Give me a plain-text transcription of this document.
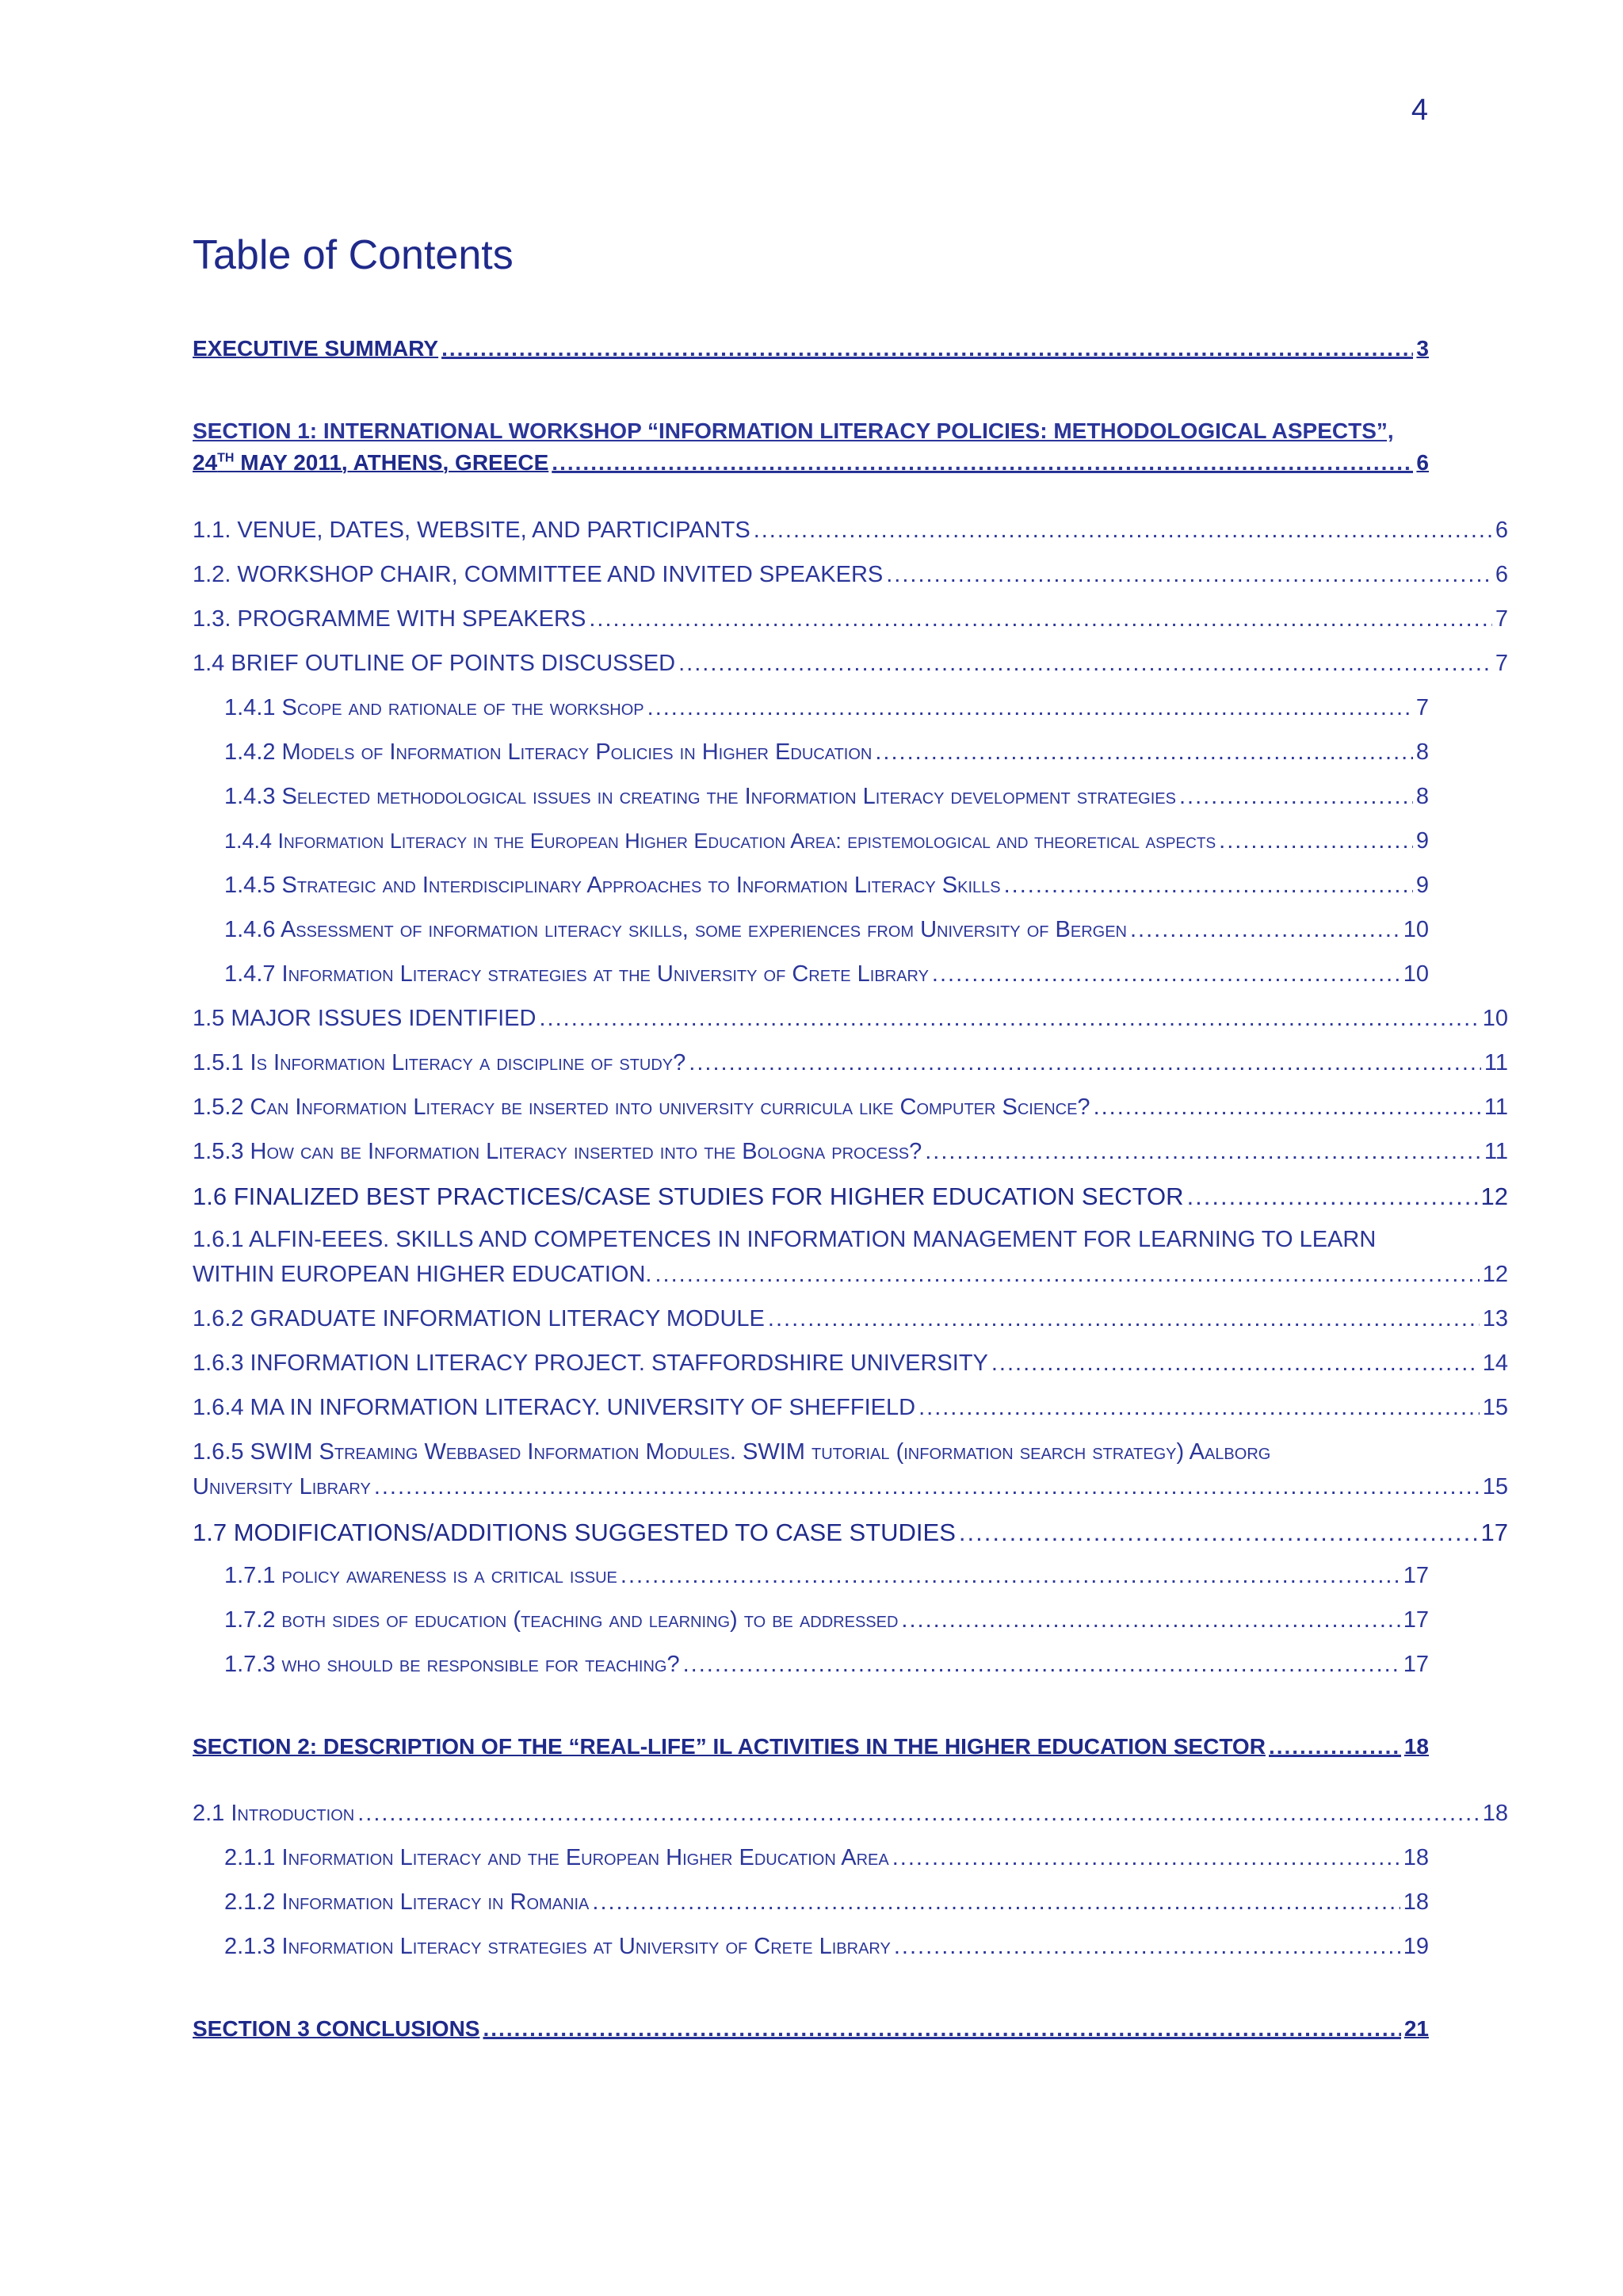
4
Table of Contents
EXECUTIVE SUMMARY .....	3
SECTION 1: INTERNATIONAL WORKSHOP “INFORMATION LITERACY POLICIES: METHODOLOGICAL ASPECTS”,
24TH MAY 2011, ATHENS, GREECE .....	6
1.1. VENUE, DATES, WEBSITE, AND PARTICIPANTS .....	6
1.2. WORKSHOP CHAIR, COMMITTEE AND INVITED SPEAKERS .....	6
1.3. PROGRAMME WITH SPEAKERS .....	7
1.4 BRIEF OUTLINE OF POINTS DISCUSSED .....	7
1.4.1 Scope and rationale of the workshop .....	7
1.4.2 Models of Information Literacy Policies in Higher Education .....	8
1.4.3 Selected methodological issues in creating the Information Literacy development strategies .....	8
1.4.4 Information Literacy in the European Higher Education Area: epistemological and theoretical aspects .....	9
1.4.5 Strategic and Interdisciplinary Approaches to Information Literacy Skills .....	9
1.4.6 Assessment of information literacy skills, some experiences from University of Bergen .....	10
1.4.7 Information Literacy strategies at the University of Crete Library .....	10
1.5 MAJOR ISSUES IDENTIFIED .....	10
1.5.1 Is Information Literacy a discipline of study? .....	11
1.5.2 Can Information Literacy be inserted into university curricula like Computer Science? .....	11
1.5.3 How can be Information Literacy inserted into the Bologna process? .....	11
1.6 FINALIZED BEST PRACTICES/CASE STUDIES FOR HIGHER EDUCATION SECTOR .....	12
1.6.1 ALFIN-EEES. SKILLS AND COMPETENCES IN INFORMATION MANAGEMENT FOR LEARNING TO LEARN
WITHIN EUROPEAN HIGHER EDUCATION. .....	12
1.6.2 GRADUATE INFORMATION LITERACY MODULE .....	13
1.6.3 INFORMATION LITERACY PROJECT. STAFFORDSHIRE UNIVERSITY .....	14
1.6.4 MA IN INFORMATION LITERACY. UNIVERSITY OF SHEFFIELD .....	15
1.6.5 SWIM Streaming Webbased Information Modules. SWIM tutorial (information search strategy) Aalborg
University Library .....	15
1.7 MODIFICATIONS/ADDITIONS SUGGESTED TO CASE STUDIES .....	17
1.7.1 policy awareness is a critical issue .....	17
1.7.2 both sides of education (teaching and learning) to be addressed .....	17
1.7.3 who should be responsible for teaching? .....	17
SECTION 2: DESCRIPTION OF THE “REAL-LIFE” IL ACTIVITIES IN THE HIGHER EDUCATION SECTOR .....	18
2.1 Introduction .....	18
2.1.1 Information Literacy and the European Higher Education Area .....	18
2.1.2 Information Literacy in Romania .....	18
2.1.3 Information Literacy strategies at University of Crete Library .....	19
SECTION 3 CONCLUSIONS .....	21
